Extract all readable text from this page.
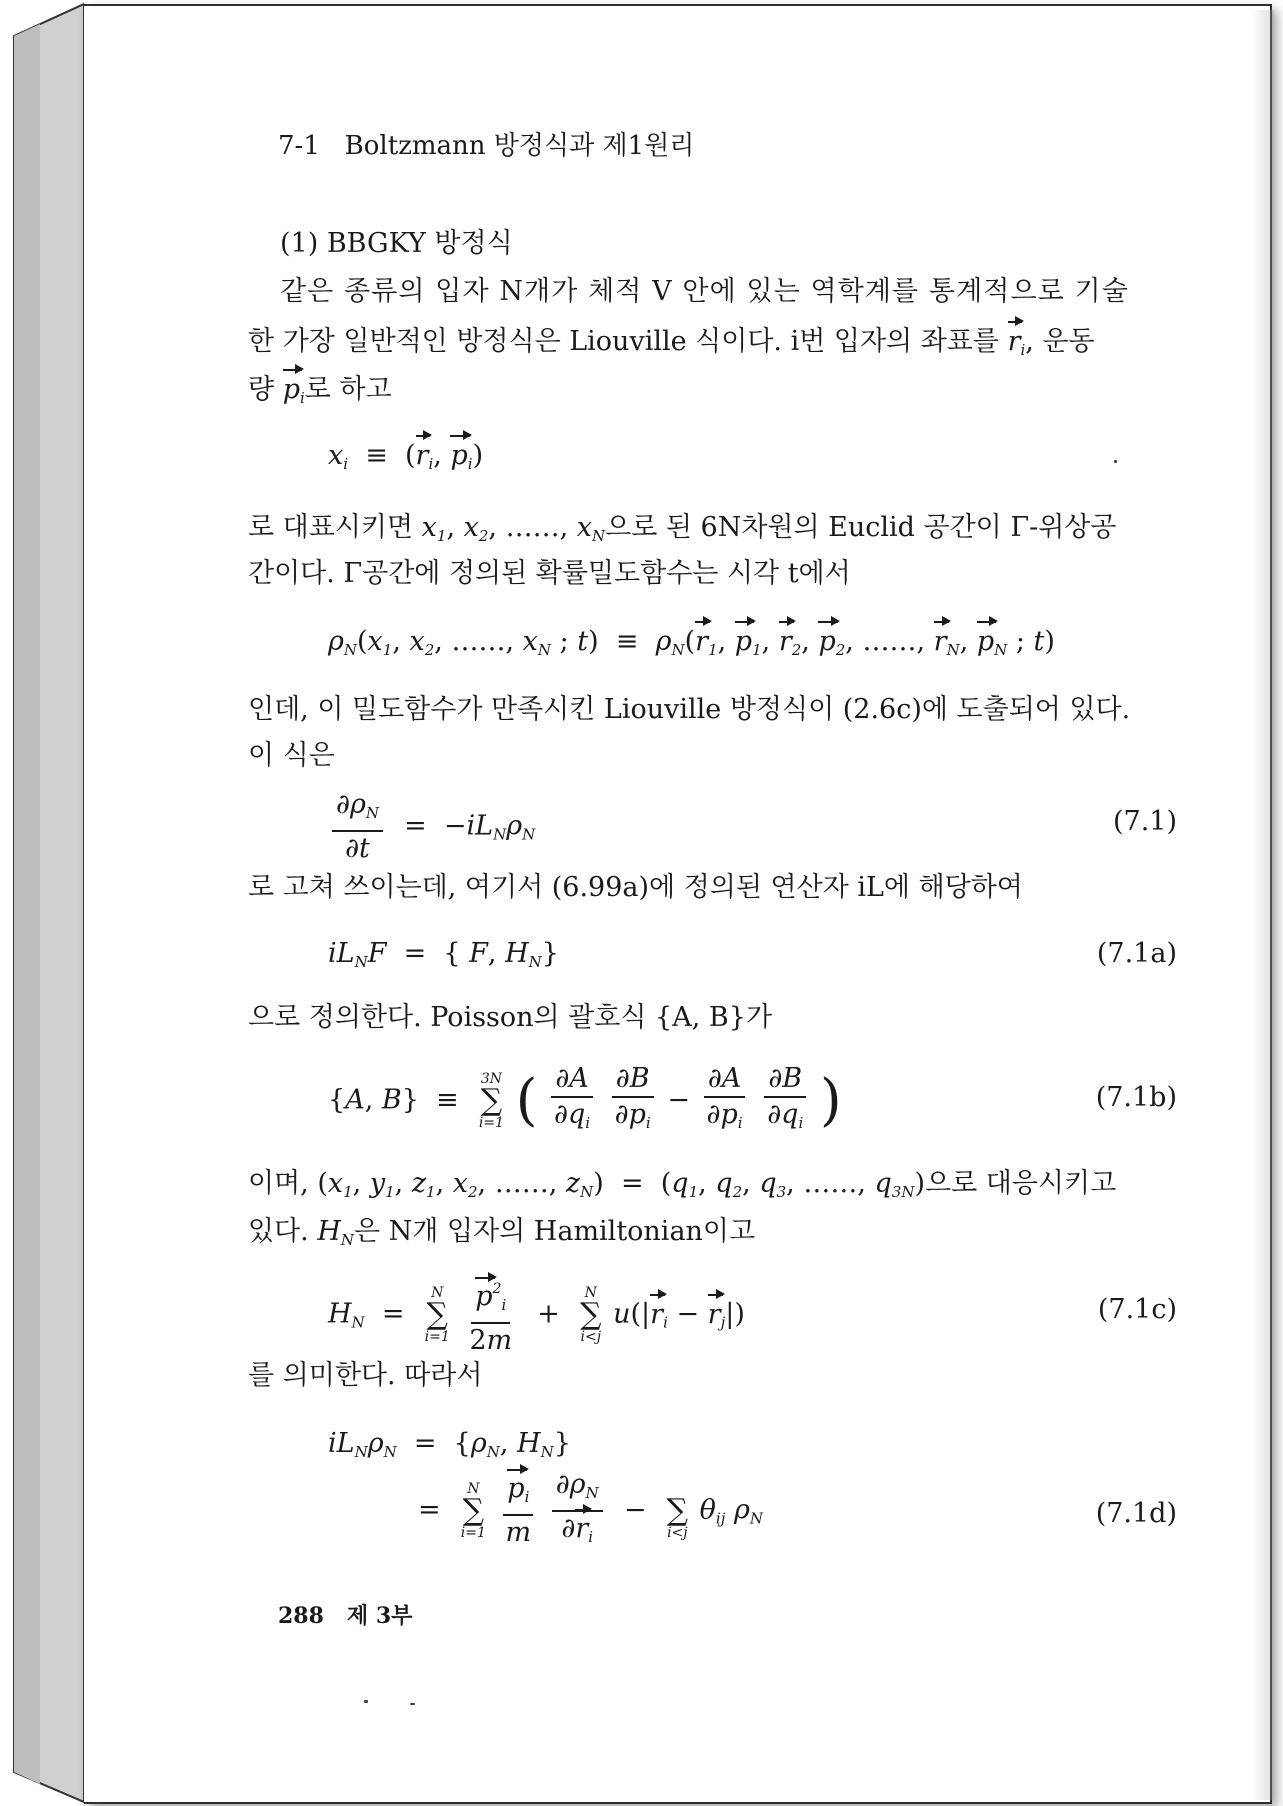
7-1 Boltzmann 방정식과 제1원리
(1) BBGKY 방정식
같은 종류의 입자 N개가 체적 V 안에 있는 역학계를 통계적으로 기술
한 가장 일반적인 방정식은 Liouville 식이다. i번 입자의 좌표를 $r_i$, 운동
량 $p_i$로 하고
$x_i \equiv (r_i$, $p_i$)
로 대표시키면 $x_1$, $x_2$, ……, $x_N$으로 된 6N차원의 Euclid 공간이 Γ-위상공
간이다. Γ공간에 정의된 확률밀도함수는 시각 t에서
$\rho_N(x_1$, $x_2$, ……, $x_N$ ; $t) \equiv \rho_N(r_1$, $p_1$, $r_2$, $p_2$, ……, $r_N$, $p_N$ ; t)
인데, 이 밀도함수가 만족시킨 Liouville 방정식이 (2.6c)에 도출되어 있다.
이 식은
$\frac{\partial\rho_N}{\partial t} = -iL_N\rho_N$	(7.1)
로 고쳐 쓰이는데, 여기서 (6.99a)에 정의된 연산자 iL에 해당하여
$iL_NF$  =  { F, $H_N$}	(7.1a)
으로 정의한다. Poisson의 괄호식 {A, B}가
{A, B}  ≡
3N
∑
i=1 ( $\frac{\partial A}{\partial q_i}$
$\frac{\partial B}{\partial p_i} - \frac{\partial A}{\partial p_i}$
$\frac{\partial B}{\partial q_i}$ )	(7.1b)
이며, ($x_1$, $y_1$, $z_1$, $x_2$, ……, $z_N) = (q_1$, $q_2$, $q_3$, ……, $q_{3N}$)으로 대응시키고
있다. $H_N$은 N개 입자의 Hamiltonian이고
$H_N$  =
N
∑
i=1
$\frac{p^2_i}{2m}$ +
N
∑
i<j
$u(|r_i - r_j|)$	(7.1c)
를 의미한다. 따라서
$iL_N\rho_N = \{\rho_N$, $H_N$}
=
N
∑
i=1
$\frac{p_i}{m}$
$\frac{\partial\rho_N}{\partial r_i}$ −
∑
i<j
$\theta_{ij}$ $\rho_N$	(7.1d)
288 제 3부
